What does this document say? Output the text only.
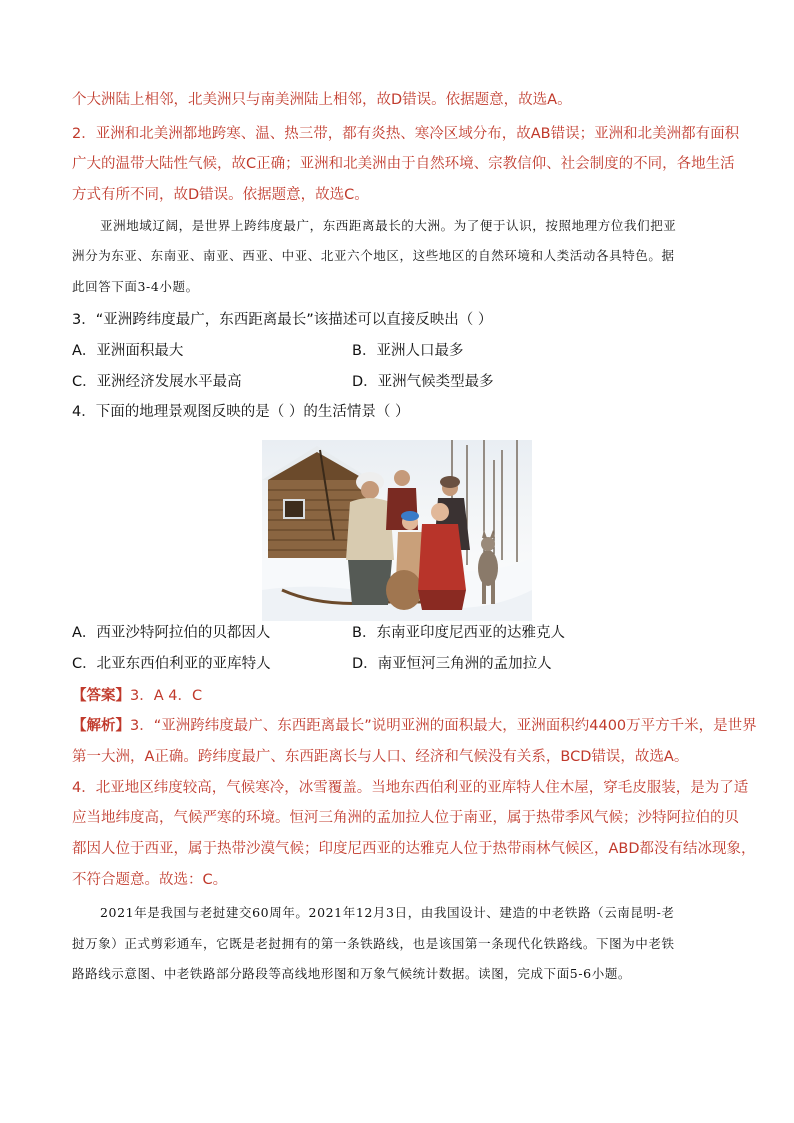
个大洲陆上相邻，北美洲只与南美洲陆上相邻，故D错误。依据题意，故选A。
2．亚洲和北美洲都地跨寒、温、热三带，都有炎热、寒冷区域分布，故AB错误；亚洲和北美洲都有面积
广大的温带大陆性气候，故C正确；亚洲和北美洲由于自然环境、宗教信仰、社会制度的不同，各地生活
方式有所不同，故D错误。依据题意，故选C。
亚洲地域辽阔，是世界上跨纬度最广，东西距离最长的大洲。为了便于认识，按照地理方位我们把亚
洲分为东亚、东南亚、南亚、西亚、中亚、北亚六个地区，这些地区的自然环境和人类活动各具特色。据
此回答下面3-4小题。
3．“亚洲跨纬度最广，东西距离最长”该描述可以直接反映出（ ）
A．亚洲面积最大	B．亚洲人口最多
C．亚洲经济发展水平最高	D．亚洲气候类型最多
4．下面的地理景观图反映的是（ ）的生活情景（ ）
A．西亚沙特阿拉伯的贝都因人	B．东南亚印度尼西亚的达雅克人
C．北亚东西伯利亚的亚库特人	D．南亚恒河三角洲的孟加拉人
【答案】3．A 4．C
【解析】3．“亚洲跨纬度最广、东西距离最长”说明亚洲的面积最大，亚洲面积约4400万平方千米，是世界
第一大洲，A正确。跨纬度最广、东西距离长与人口、经济和气候没有关系，BCD错误，故选A。
4．北亚地区纬度较高，气候寒冷，冰雪覆盖。当地东西伯利亚的亚库特人住木屋，穿毛皮服装，是为了适
应当地纬度高，气候严寒的环境。恒河三角洲的孟加拉人位于南亚，属于热带季风气候；沙特阿拉伯的贝
都因人位于西亚，属于热带沙漠气候；印度尼西亚的达雅克人位于热带雨林气候区，ABD都没有结冰现象，
不符合题意。故选：C。
2021年是我国与老挝建交60周年。2021年12月3日，由我国设计、建造的中老铁路（云南昆明-老
挝万象）正式剪彩通车，它既是老挝拥有的第一条铁路线，也是该国第一条现代化铁路线。下图为中老铁
路路线示意图、中老铁路部分路段等高线地形图和万象气候统计数据。读图，完成下面5-6小题。
